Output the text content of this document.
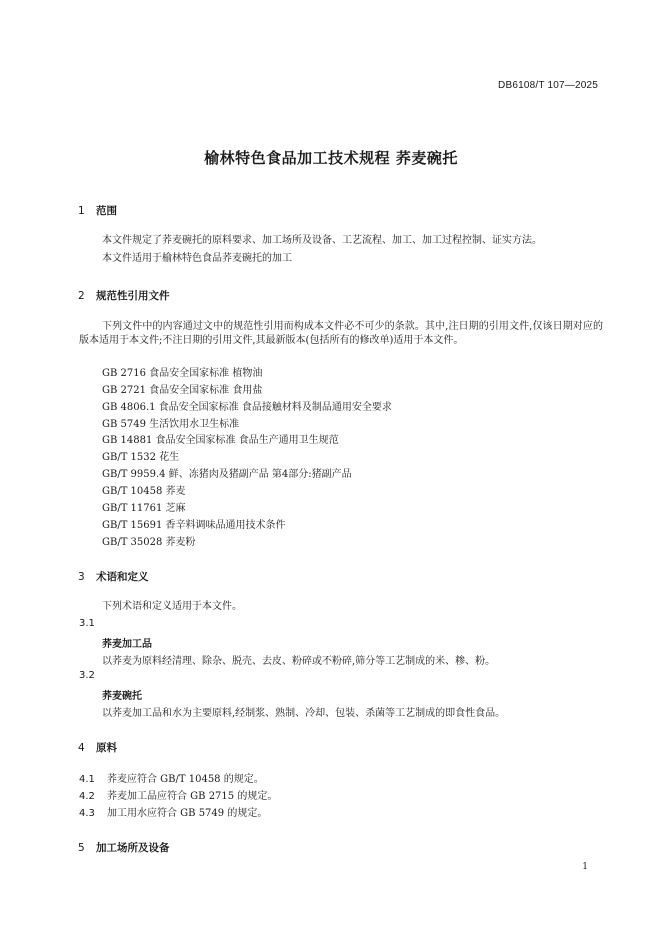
DB6108/T 107—2025
榆林特色食品加工技术规程 荞麦碗托
1 范围

本文件规定了荞麦碗托的原料要求、加工场所及设备、工艺流程、加工、加工过程控制、证实方法。

本文件适用于榆林特色食品荞麦碗托的加工

2 规范性引用文件

下列文件中的内容通过文中的规范性引用而构成本文件必不可少的条款。其中,注日期的引用文件,仅该日期对应的版本适用于本文件;不注日期的引用文件,其最新版本(包括所有的修改单)适用于本文件。

GB 2716 食品安全国家标准 植物油
GB 2721 食品安全国家标准 食用盐
GB 4806.1 食品安全国家标准 食品接触材料及制品通用安全要求
GB 5749 生活饮用水卫生标准
GB 14881 食品安全国家标准 食品生产通用卫生规范
GB/T 1532 花生
GB/T 9959.4 鲜、冻猪肉及猪副产品 第4部分:猪副产品
GB/T 10458 荞麦
GB/T 11761 芝麻
GB/T 15691 香辛料调味品通用技术条件
GB/T 35028 荞麦粉
3 术语和定义

下列术语和定义适用于本文件。

3.1
荞麦加工品
以荞麦为原料经清理、除杂、脱壳、去皮、粉碎或不粉碎,筛分等工艺制成的米、糁、粉。
3.2
荞麦碗托
以荞麦加工品和水为主要原料,经制浆、熟制、冷却、包装、杀菌等工艺制成的即食性食品。
4 原料
4.1 荞麦应符合 GB/T 10458 的规定。
4.2 荞麦加工品应符合 GB 2715 的规定。
4.3 加工用水应符合 GB 5749 的规定。
5 加工场所及设备
1
